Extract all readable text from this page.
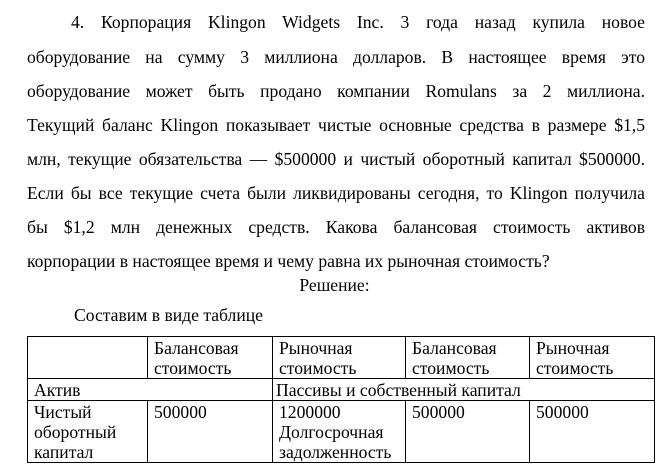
4. Корпорация Klingon Widgets Inc. 3 года назад купила новое
оборудование на сумму 3 миллиона долларов. В настоящее время это
оборудование может быть продано компании Romulans за 2 миллиона.
Текущий баланс Klingon показывает чистые основные средства в размере $1,5
млн, текущие обязательства — $500000 и чистый оборотный капитал $500000.
Если бы все текущие счета были ликвидированы сегодня, то Klingon получила
бы $1,2 млн денежных средств. Какова балансовая стоимость активов
корпорации в настоящее время и чему равна их рыночная стоимость?
Решение:
Составим в виде таблице
	Балансовая стоимость	Рыночная стоимость	Балансовая стоимость	Рыночная стоимость
Актив		Пассивы и собственный капитал		
Чистый оборотный капитал	500000	1200000 Долгосрочная задолженность	500000	500000
